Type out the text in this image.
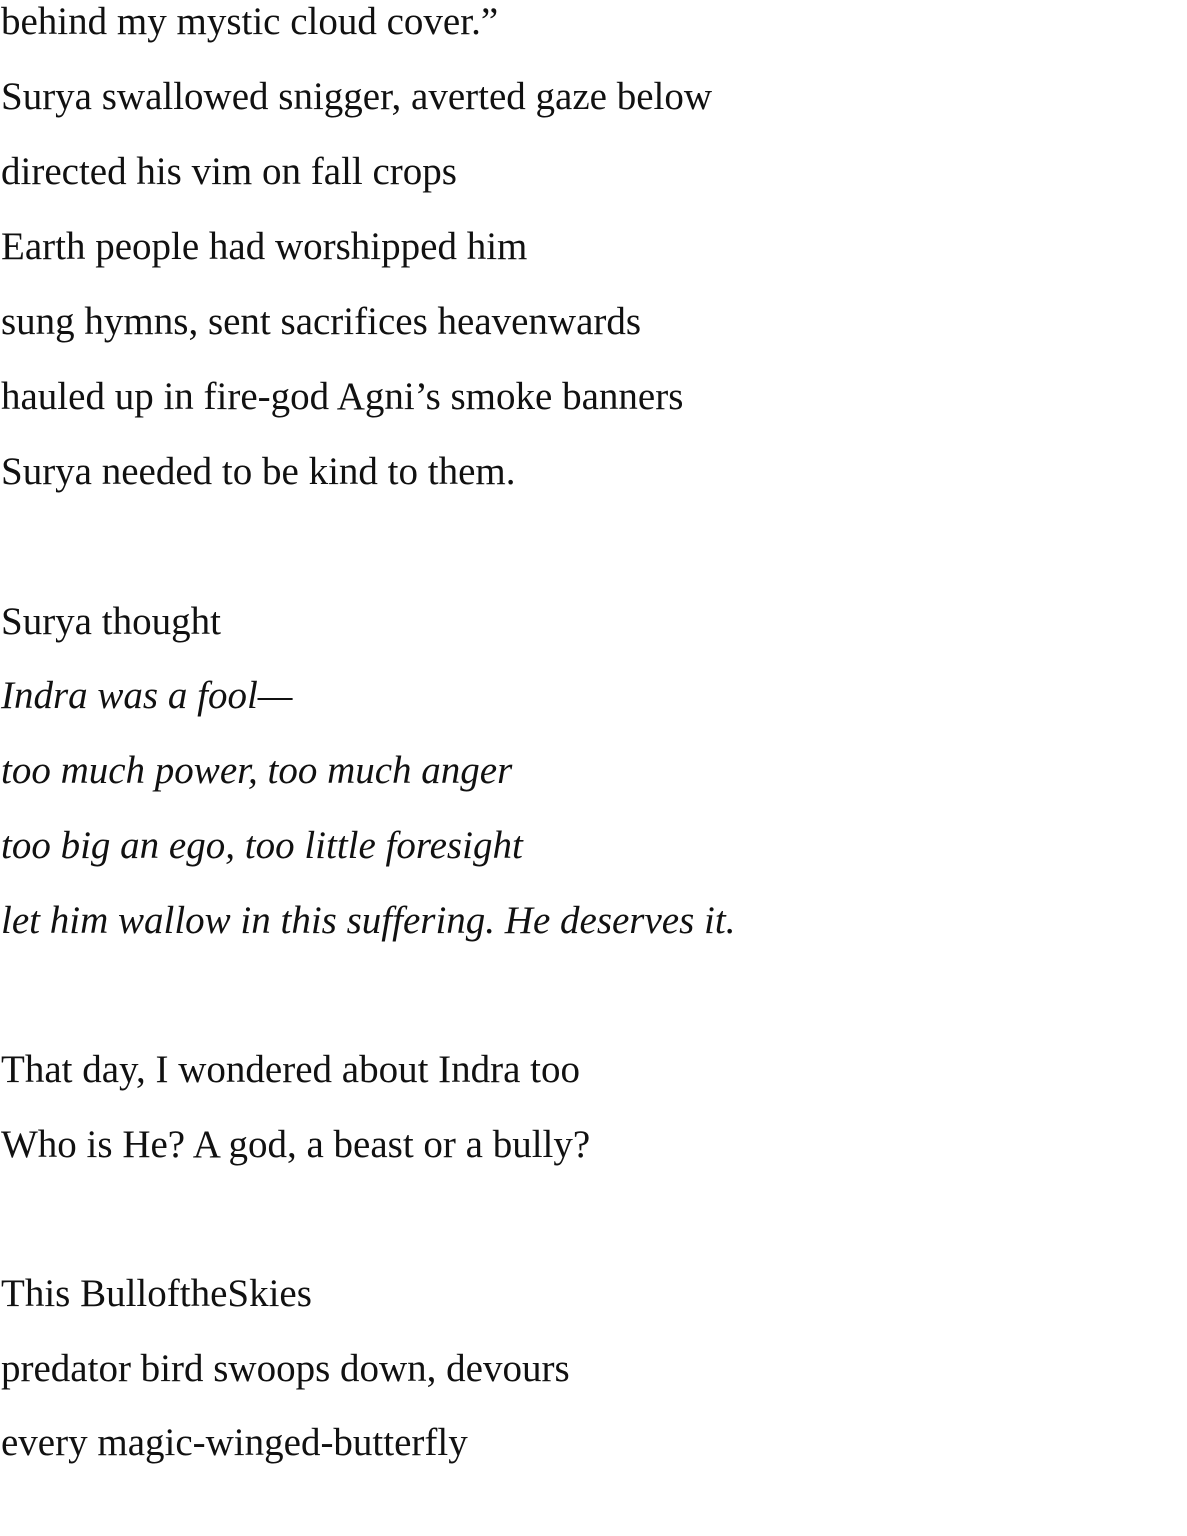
behind my mystic cloud cover.”

Surya swallowed snigger, averted gaze below

directed his vim on fall crops

Earth people had worshipped him

sung hymns, sent sacrifices heavenwards

hauled up in fire-god Agni’s smoke banners

Surya needed to be kind to them.

Surya thought

Indra was a fool—

too much power, too much anger

too big an ego, too little foresight

let him wallow in this suffering. He deserves it.

That day, I wondered about Indra too

Who is He? A god, a beast or a bully?

This BulloftheSkies

predator bird swoops down, devours

every magic-winged-butterfly
